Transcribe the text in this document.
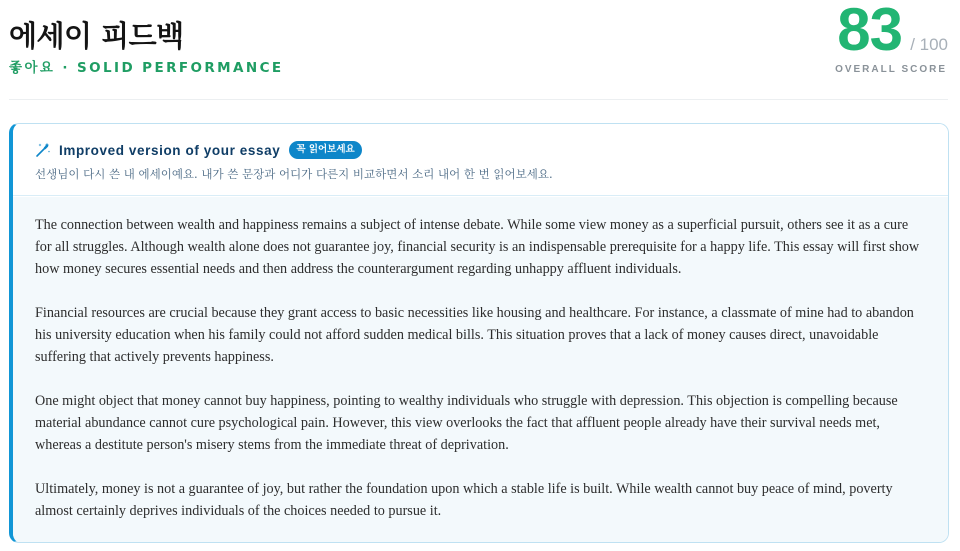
에세이 피드백
좋아요 · SOLID PERFORMANCE
83 / 100
OVERALL SCORE
Improved version of your essay	꼭 읽어보세요
선생님이 다시 쓴 내 에세이예요. 내가 쓴 문장과 어디가 다른지 비교하면서 소리 내어 한 번 읽어보세요.

The connection between wealth and happiness remains a subject of intense debate. While some view money as a superficial pursuit, others see it as a cure for all struggles. Although wealth alone does not guarantee joy, financial security is an indispensable prerequisite for a happy life. This essay will first show how money secures essential needs and then address the counterargument regarding unhappy affluent individuals.

Financial resources are crucial because they grant access to basic necessities like housing and healthcare. For instance, a classmate of mine had to abandon his university education when his family could not afford sudden medical bills. This situation proves that a lack of money causes direct, unavoidable suffering that actively prevents happiness.

One might object that money cannot buy happiness, pointing to wealthy individuals who struggle with depression. This objection is compelling because material abundance cannot cure psychological pain. However, this view overlooks the fact that affluent people already have their survival needs met, whereas a destitute person's misery stems from the immediate threat of deprivation.

Ultimately, money is not a guarantee of joy, but rather the foundation upon which a stable life is built. While wealth cannot buy peace of mind, poverty almost certainly deprives individuals of the choices needed to pursue it.
